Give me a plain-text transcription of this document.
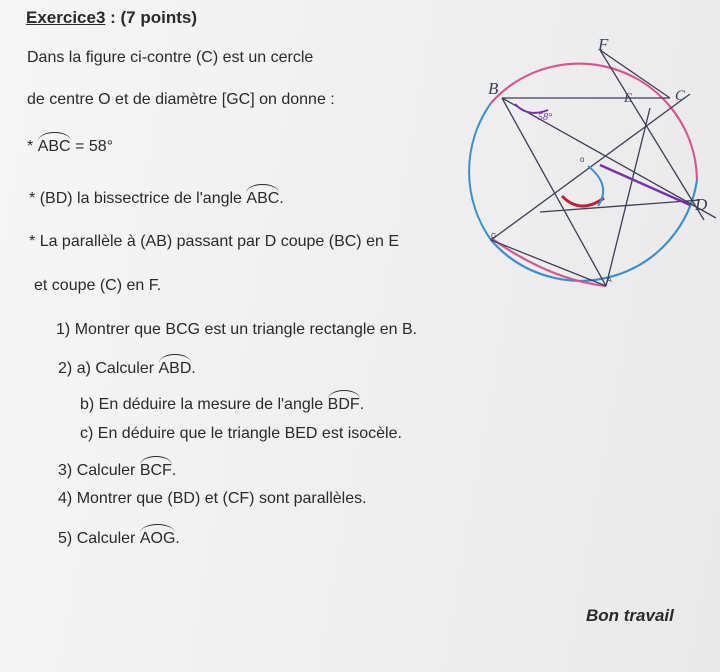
Exercice3 : (7 points)
Dans la figure ci-contre (C) est un cercle
de centre O et de diamètre [GC] on donne :
* ABC = 58°
* (BD) la bissectrice de l'angle ABC.
* La parallèle à (AB) passant par D coupe (BC) en E
et coupe (C) en F.
1) Montrer que BCG est un triangle rectangle en B.
2) a) Calculer ABD.
b) En déduire la mesure de l'angle BDF.
c) En déduire que le triangle BED est isocèle.
3) Calculer BCF.
4) Montrer que (BD) et (CF) sont parallèles.
5) Calculer AOG.
B
F
E	C
D
A
G
o
58°
Bon travail
